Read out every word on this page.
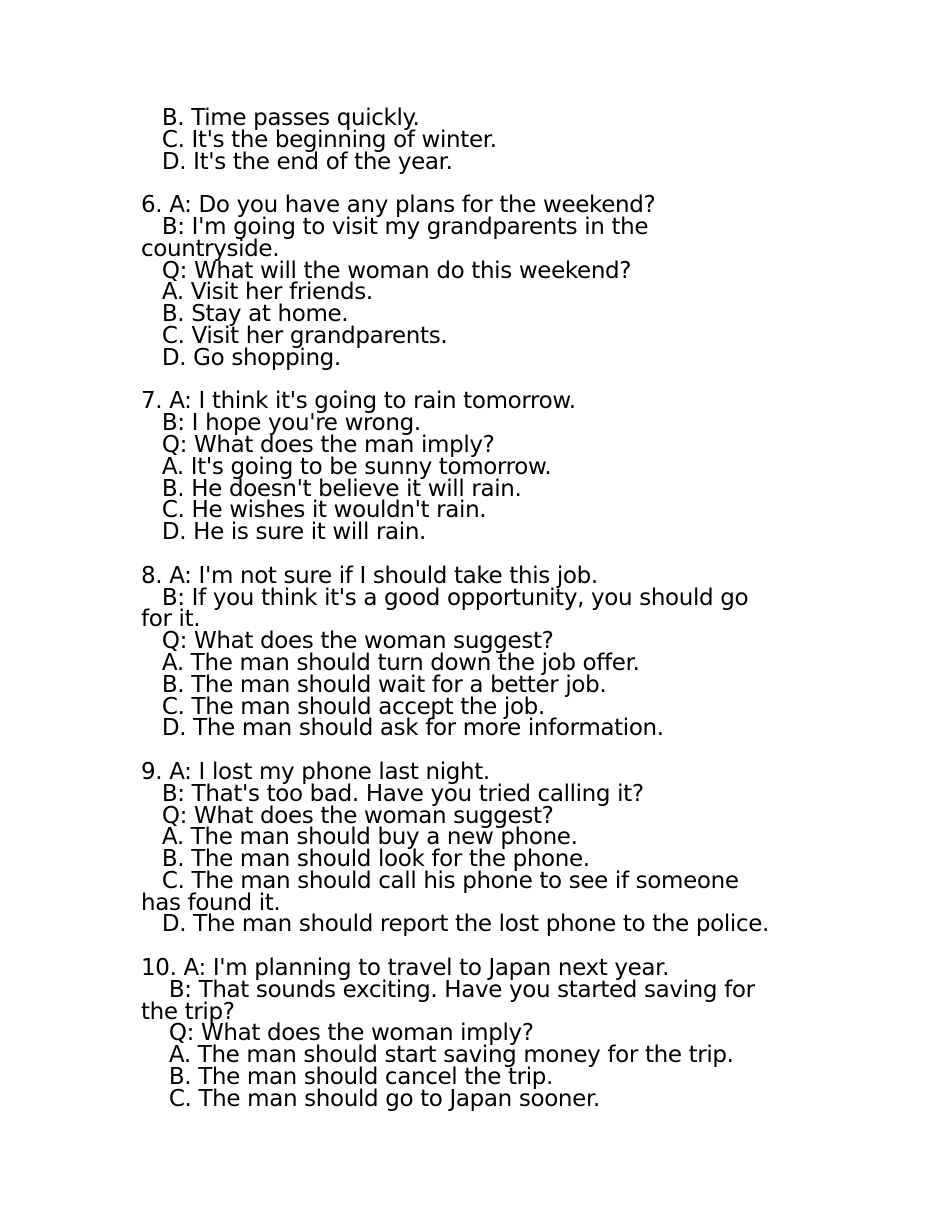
B. Time passes quickly.
C. It's the beginning of winter.
D. It's the end of the year.
6. A: Do you have any plans for the weekend?
B: I'm going to visit my grandparents in the
countryside.
Q: What will the woman do this weekend?
A. Visit her friends.
B. Stay at home.
C. Visit her grandparents.
D. Go shopping.
7. A: I think it's going to rain tomorrow.
B: I hope you're wrong.
Q: What does the man imply?
A. It's going to be sunny tomorrow.
B. He doesn't believe it will rain.
C. He wishes it wouldn't rain.
D. He is sure it will rain.
8. A: I'm not sure if I should take this job.
B: If you think it's a good opportunity, you should go
for it.
Q: What does the woman suggest?
A. The man should turn down the job offer.
B. The man should wait for a better job.
C. The man should accept the job.
D. The man should ask for more information.
9. A: I lost my phone last night.
B: That's too bad. Have you tried calling it?
Q: What does the woman suggest?
A. The man should buy a new phone.
B. The man should look for the phone.
C. The man should call his phone to see if someone
has found it.
D. The man should report the lost phone to the police.
10. A: I'm planning to travel to Japan next year.
B: That sounds exciting. Have you started saving for
the trip?
Q: What does the woman imply?
A. The man should start saving money for the trip.
B. The man should cancel the trip.
C. The man should go to Japan sooner.
